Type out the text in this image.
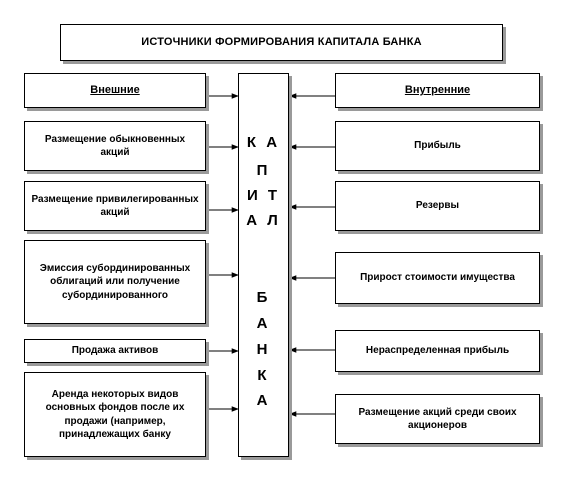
ИСТОЧНИКИ ФОРМИРОВАНИЯ КАПИТАЛА БАНКА
Внешние
Размещение обыкновенных акций
Размещение привилегированных акций
Эмиссия субординированных облигаций или получение субординированного
Продажа активов
Аренда некоторых видов основных фондов после их продажи (например, принадлежащих банку
К А
П
И Т
А Л
Б
А
Н
К
А
Внутренние
Прибыль
Резервы
Прирост стоимости имущества
Нераспределенная прибыль
Размещение акций среди своих акционеров
